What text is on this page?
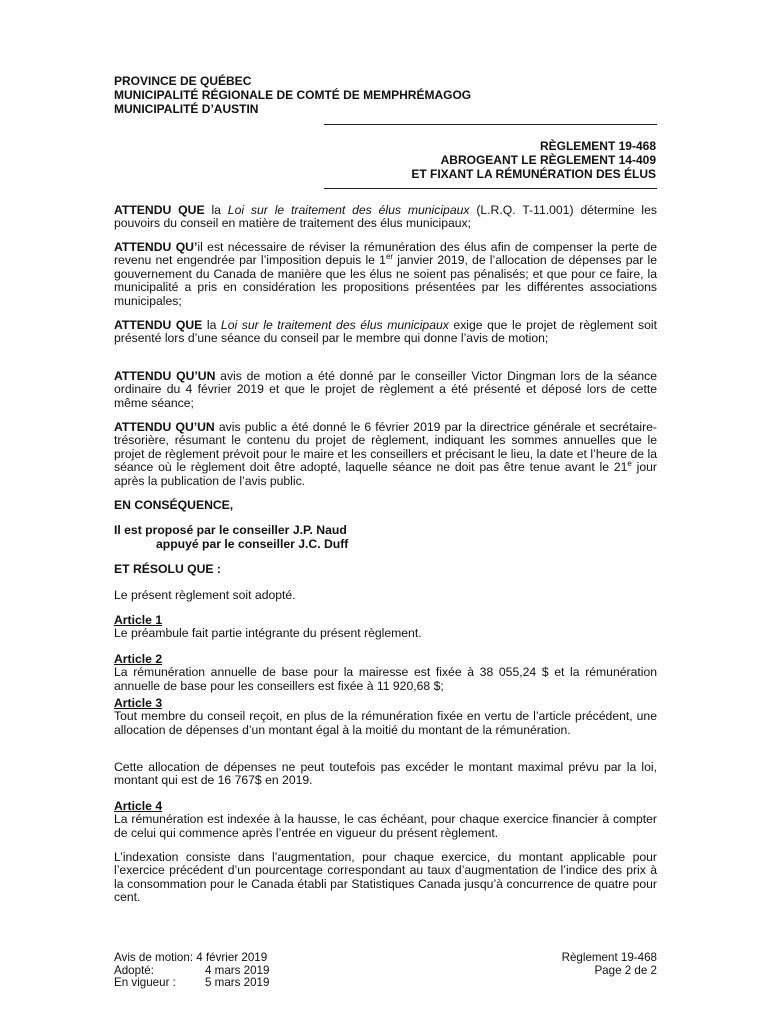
PROVINCE DE QUÉBEC
MUNICIPALITÉ RÉGIONALE DE COMTÉ DE MEMPHRÉMAGOG
MUNICIPALITÉ D’AUSTIN
RÈGLEMENT 19-468
ABROGEANT LE RÈGLEMENT 14-409
ET FIXANT LA RÉMUNÉRATION DES ÉLUS
ATTENDU QUE la Loi sur le traitement des élus municipaux (L.R.Q. T-11.001) détermine les pouvoirs du conseil en matière de traitement des élus municipaux;
ATTENDU QU’il est nécessaire de réviser la rémunération des élus afin de compenser la perte de revenu net engendrée par l’imposition depuis le 1er janvier 2019, de l’allocation de dépenses par le gouvernement du Canada de manière que les élus ne soient pas pénalisés; et que pour ce faire, la municipalité a pris en considération les propositions présentées par les différentes associations municipales;
ATTENDU QUE la Loi sur le traitement des élus municipaux exige que le projet de règlement soit présenté lors d’une séance du conseil par le membre qui donne l’avis de motion;
ATTENDU QU’UN avis de motion a été donné par le conseiller Victor Dingman lors de la séance ordinaire du 4 février 2019 et que le projet de règlement a été présenté et déposé lors de cette même séance;
ATTENDU QU’UN avis public a été donné le 6 février 2019 par la directrice générale et secrétaire-trésorière, résumant le contenu du projet de règlement, indiquant les sommes annuelles que le projet de règlement prévoit pour le maire et les conseillers et précisant le lieu, la date et l’heure de la séance où le règlement doit être adopté, laquelle séance ne doit pas être tenue avant le 21e jour après la publication de l’avis public.
EN CONSÉQUENCE,
Il est proposé par le conseiller J.P. Naud
appuyé par le conseiller J.C. Duff
ET RÉSOLU QUE :
Le présent règlement soit adopté.
Article 1
Le préambule fait partie intégrante du présent règlement.
Article 2
La rémunération annuelle de base pour la mairesse est fixée à 38 055,24 $ et la rémunération annuelle de base pour les conseillers est fixée à 11 920,68 $;
Article 3
Tout membre du conseil reçoit, en plus de la rémunération fixée en vertu de l’article précédent, une allocation de dépenses d’un montant égal à la moitié du montant de la rémunération.
Cette allocation de dépenses ne peut toutefois pas excéder le montant maximal prévu par la loi, montant qui est de 16 767$ en 2019.
Article 4
La rémunération est indexée à la hausse, le cas échéant, pour chaque exercice financier à compter de celui qui commence après l’entrée en vigueur du présent règlement.
L’indexation consiste dans l’augmentation, pour chaque exercice, du montant applicable pour l’exercice précédent d’un pourcentage correspondant au taux d’augmentation de l’indice des prix à la consommation pour le Canada établi par Statistiques Canada jusqu’à concurrence de quatre pour cent.
Avis de motion: 4 février 2019
Adopté:	4 mars 2019
En vigueur :	5 mars 2019
Règlement 19-468
Page 2 de 2
